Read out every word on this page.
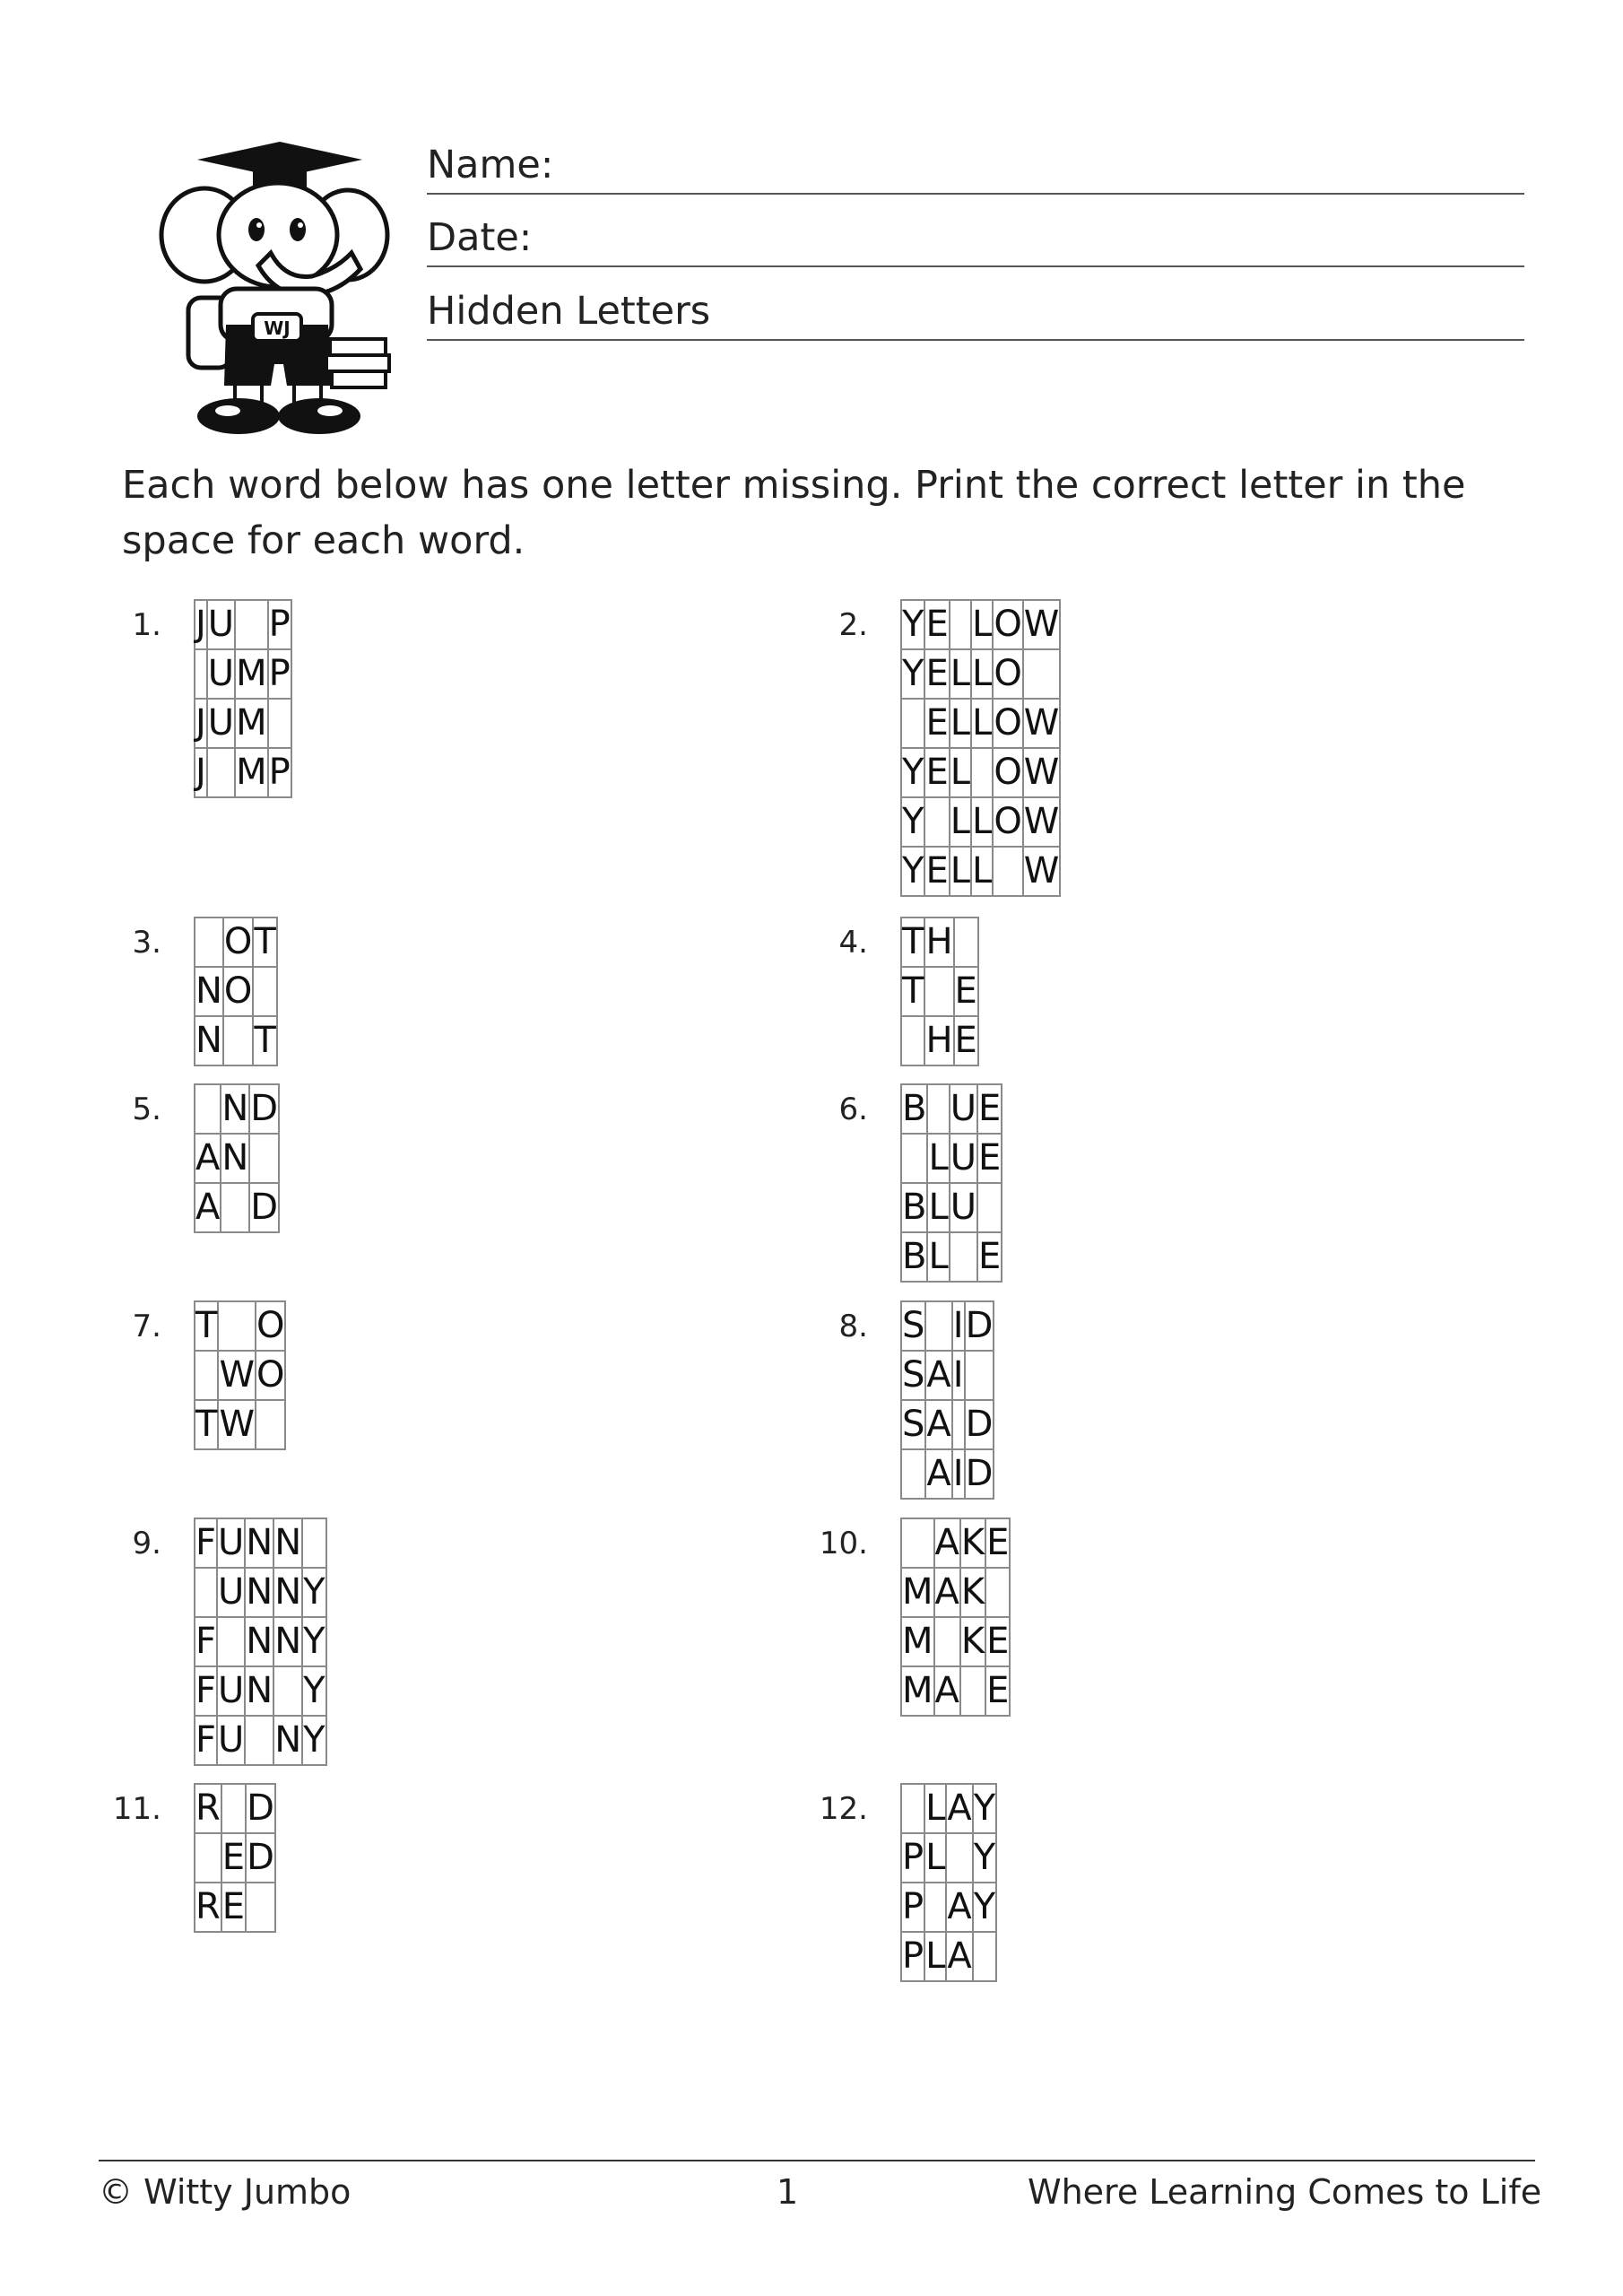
WJ
Name:
Date:
Hidden Letters

Each word below has one letter missing. Print the correct letter in the space for each word.

1. J	U		P
	U	M	P
J	U	M	
J		M	P
2. Y	E		L	O	W
Y	E	L	L	O	
	E	L	L	O	W
Y	E	L		O	W
Y		L	L	O	W
Y	E	L	L		W
3.
	O	T
N	O	
N		T
4. T	H	
T		E
	H	E
5.
	N	D
A	N	
A		D
6. B		U	E
	L	U	E
B	L	U	
B	L		E
7. T		O
	W	O
T	W	
8. S		I	D
S	A	I	
S	A		D
	A	I	D
9. F	U	N	N	
	U	N	N	Y
F		N	N	Y
F	U	N		Y
F	U		N	Y
10.
	A	K	E
M	A	K	
M		K	E
M	A		E
11. R		D
	E	D
R	E	
12.
	L	A	Y
P	L		Y
P		A	Y
P	L	A	
© Witty Jumbo	1	Where Learning Comes to Life
